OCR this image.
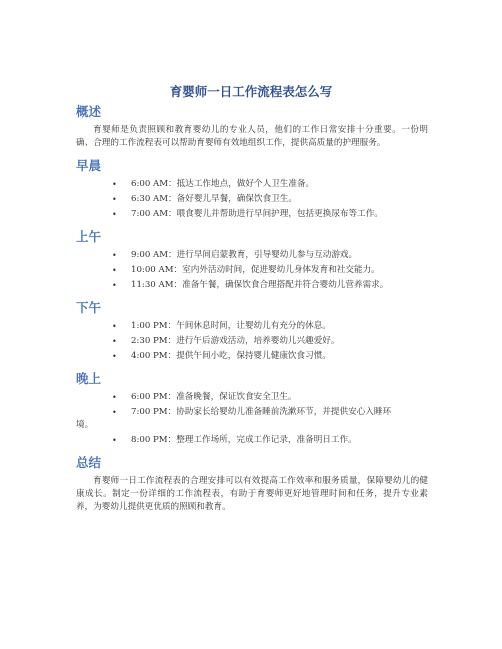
育婴师一日工作流程表怎么写
概述

育婴师是负责照顾和教育婴幼儿的专业人员，他们的工作日常安排十分重要。一份明确、合理的工作流程表可以帮助育婴师有效地组织工作，提供高质量的护理服务。

早晨
• 6:00 AM：抵达工作地点，做好个人卫生准备。
• 6:30 AM：备好婴儿早餐，确保饮食卫生。
• 7:00 AM：喂食婴儿并帮助进行早间护理，包括更换尿布等工作。
上午
• 9:00 AM：进行早间启蒙教育，引导婴幼儿参与互动游戏。
• 10:00 AM：室内外活动时间，促进婴幼儿身体发育和社交能力。
• 11:30 AM：准备午餐，确保饮食合理搭配并符合婴幼儿营养需求。
下午
• 1:00 PM：午间休息时间，让婴幼儿有充分的休息。
• 2:30 PM：进行午后游戏活动，培养婴幼儿兴趣爱好。
• 4:00 PM：提供午间小吃，保持婴儿健康饮食习惯。
晚上
• 6:00 PM：准备晚餐，保证饮食安全卫生。
• 7:00 PM：协助家长给婴幼儿准备睡前洗漱环节，并提供安心入睡环
境。
• 8:00 PM：整理工作场所，完成工作记录，准备明日工作。
总结

育婴师一日工作流程表的合理安排可以有效提高工作效率和服务质量，保障婴幼儿的健康成长。制定一份详细的工作流程表，有助于育婴师更好地管理时间和任务，提升专业素养，为婴幼儿提供更优质的照顾和教育。
